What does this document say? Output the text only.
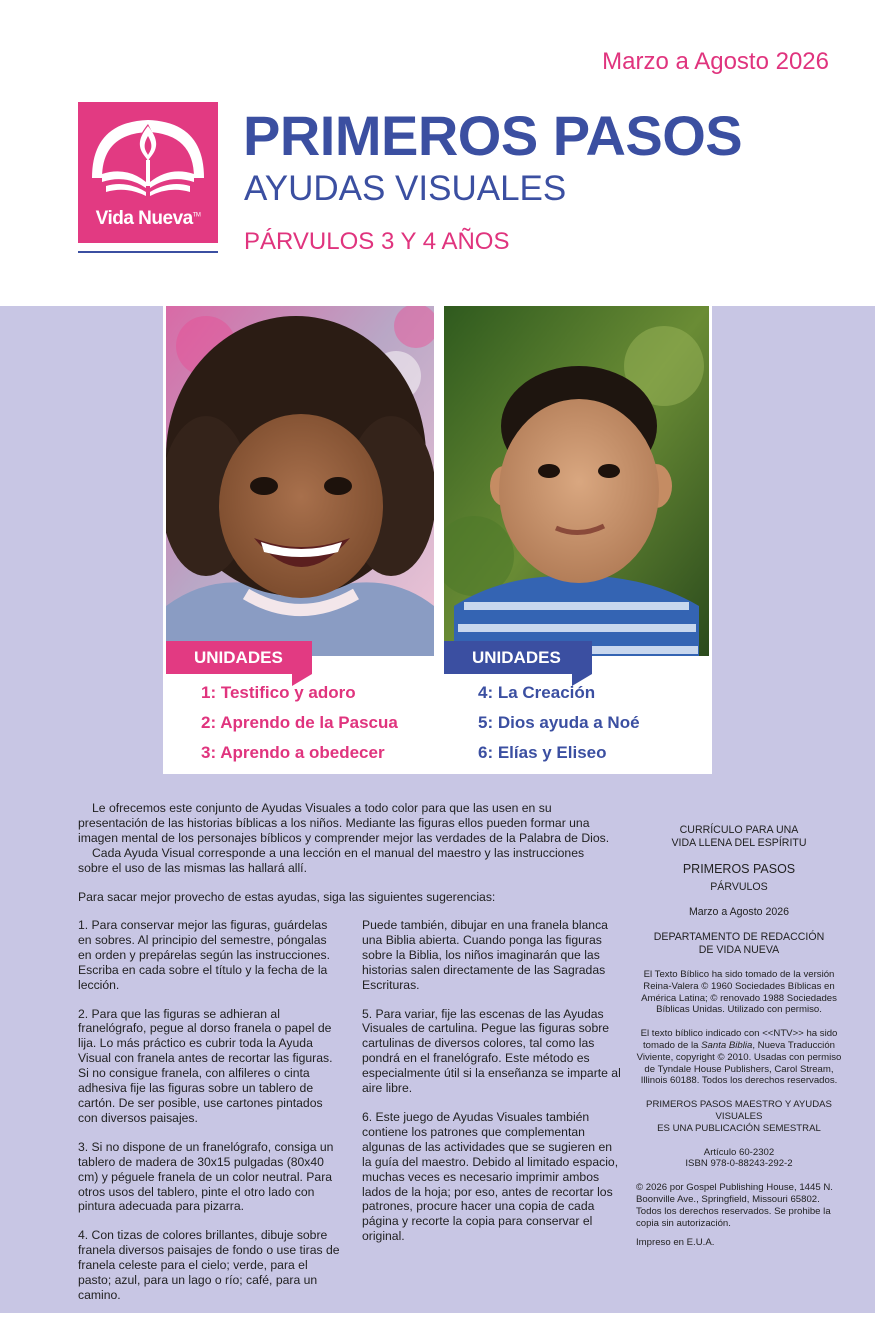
Marzo a Agosto 2026
Vida Nueva™
PRIMEROS PASOS
AYUDAS VISUALES
PÁRVULOS 3 Y 4 AÑOS
UNIDADES	UNIDADES
1: Testifico y adoro
2: Aprendo de la Pascua
3: Aprendo a obedecer
4: La Creación
5: Dios ayuda a Noé
6: Elías y Eliseo

Le ofrecemos este conjunto de Ayudas Visuales a todo color para que las usen en su presentación de las historias bíblicas a los niños. Mediante las figuras ellos pueden formar una imagen mental de los personajes bíblicos y comprender mejor las verdades de la Palabra de Dios.

Cada Ayuda Visual corresponde a una lección en el manual del maestro y las instrucciones sobre el uso de las mismas las hallará allí.

Para sacar mejor provecho de estas ayudas, siga las siguientes sugerencias:

1. Para conservar mejor las figuras, guárdelas en sobres. Al principio del semestre, póngalas en orden y prepárelas según las instrucciones. Escriba en cada sobre el título y la fecha de la lección.

2. Para que las figuras se adhieran al franelógrafo, pegue al dorso franela o papel de lija. Lo más práctico es cubrir toda la Ayuda Visual con franela antes de recortar las figuras. Si no consigue franela, con alfileres o cinta adhesiva fije las figuras sobre un tablero de cartón. De ser posible, use cartones pintados con diversos paisajes.

3. Si no dispone de un franelógrafo, consiga un tablero de madera de 30x15 pulgadas (80x40 cm) y péguele franela de un color neutral. Para otros usos del tablero, pinte el otro lado con pintura adecuada para pizarra.

4. Con tizas de colores brillantes, dibuje sobre franela diversos paisajes de fondo o use tiras de franela celeste para el cielo; verde, para el pasto; azul, para un lago o río; café, para un camino.

Puede también, dibujar en una franela blanca una Biblia abierta. Cuando ponga las figuras sobre la Biblia, los niños imaginarán que las historias salen directamente de las Sagradas Escrituras.

5. Para variar, fije las escenas de las Ayudas Visuales de cartulina. Pegue las figuras sobre cartulinas de diversos colores, tal como las pondrá en el franelógrafo. Este método es especialmente útil si la enseñanza se imparte al aire libre.

6. Este juego de Ayudas Visuales también contiene los patrones que complementan algunas de las actividades que se sugieren en la guía del maestro. Debido al limitado espacio, muchas veces es necesario imprimir ambos lados de la hoja; por eso, antes de recortar los patrones, procure hacer una copia de cada página y recorte la copia para conservar el original.

CURRÍCULO PARA UNA

VIDA LLENA DEL ESPÍRITU

PRIMEROS PASOS

PÁRVULOS

Marzo a Agosto 2026

DEPARTAMENTO DE REDACCIÓN

DE VIDA NUEVA

El Texto Bíblico ha sido tomado de la versión Reina-Valera © 1960 Sociedades Bíblicas en América Latina; © renovado 1988 Sociedades Bíblicas Unidas. Utilizado con permiso.

El texto bíblico indicado con <<NTV>> ha sido tomado de la Santa Biblia, Nueva Traducción Viviente, copyright © 2010. Usadas con permiso de Tyndale House Publishers, Carol Stream, Illinois 60188. Todos los derechos reservados.

PRIMEROS PASOS MAESTRO Y AYUDAS VISUALES

ES UNA PUBLICACIÓN SEMESTRAL

Artículo 60-2302

ISBN 978-0-88243-292-2

© 2026 por Gospel Publishing House, 1445 N. Boonville Ave., Springfield, Missouri 65802. Todos los derechos reservados. Se prohibe la copia sin autorización.

Impreso en E.U.A.
